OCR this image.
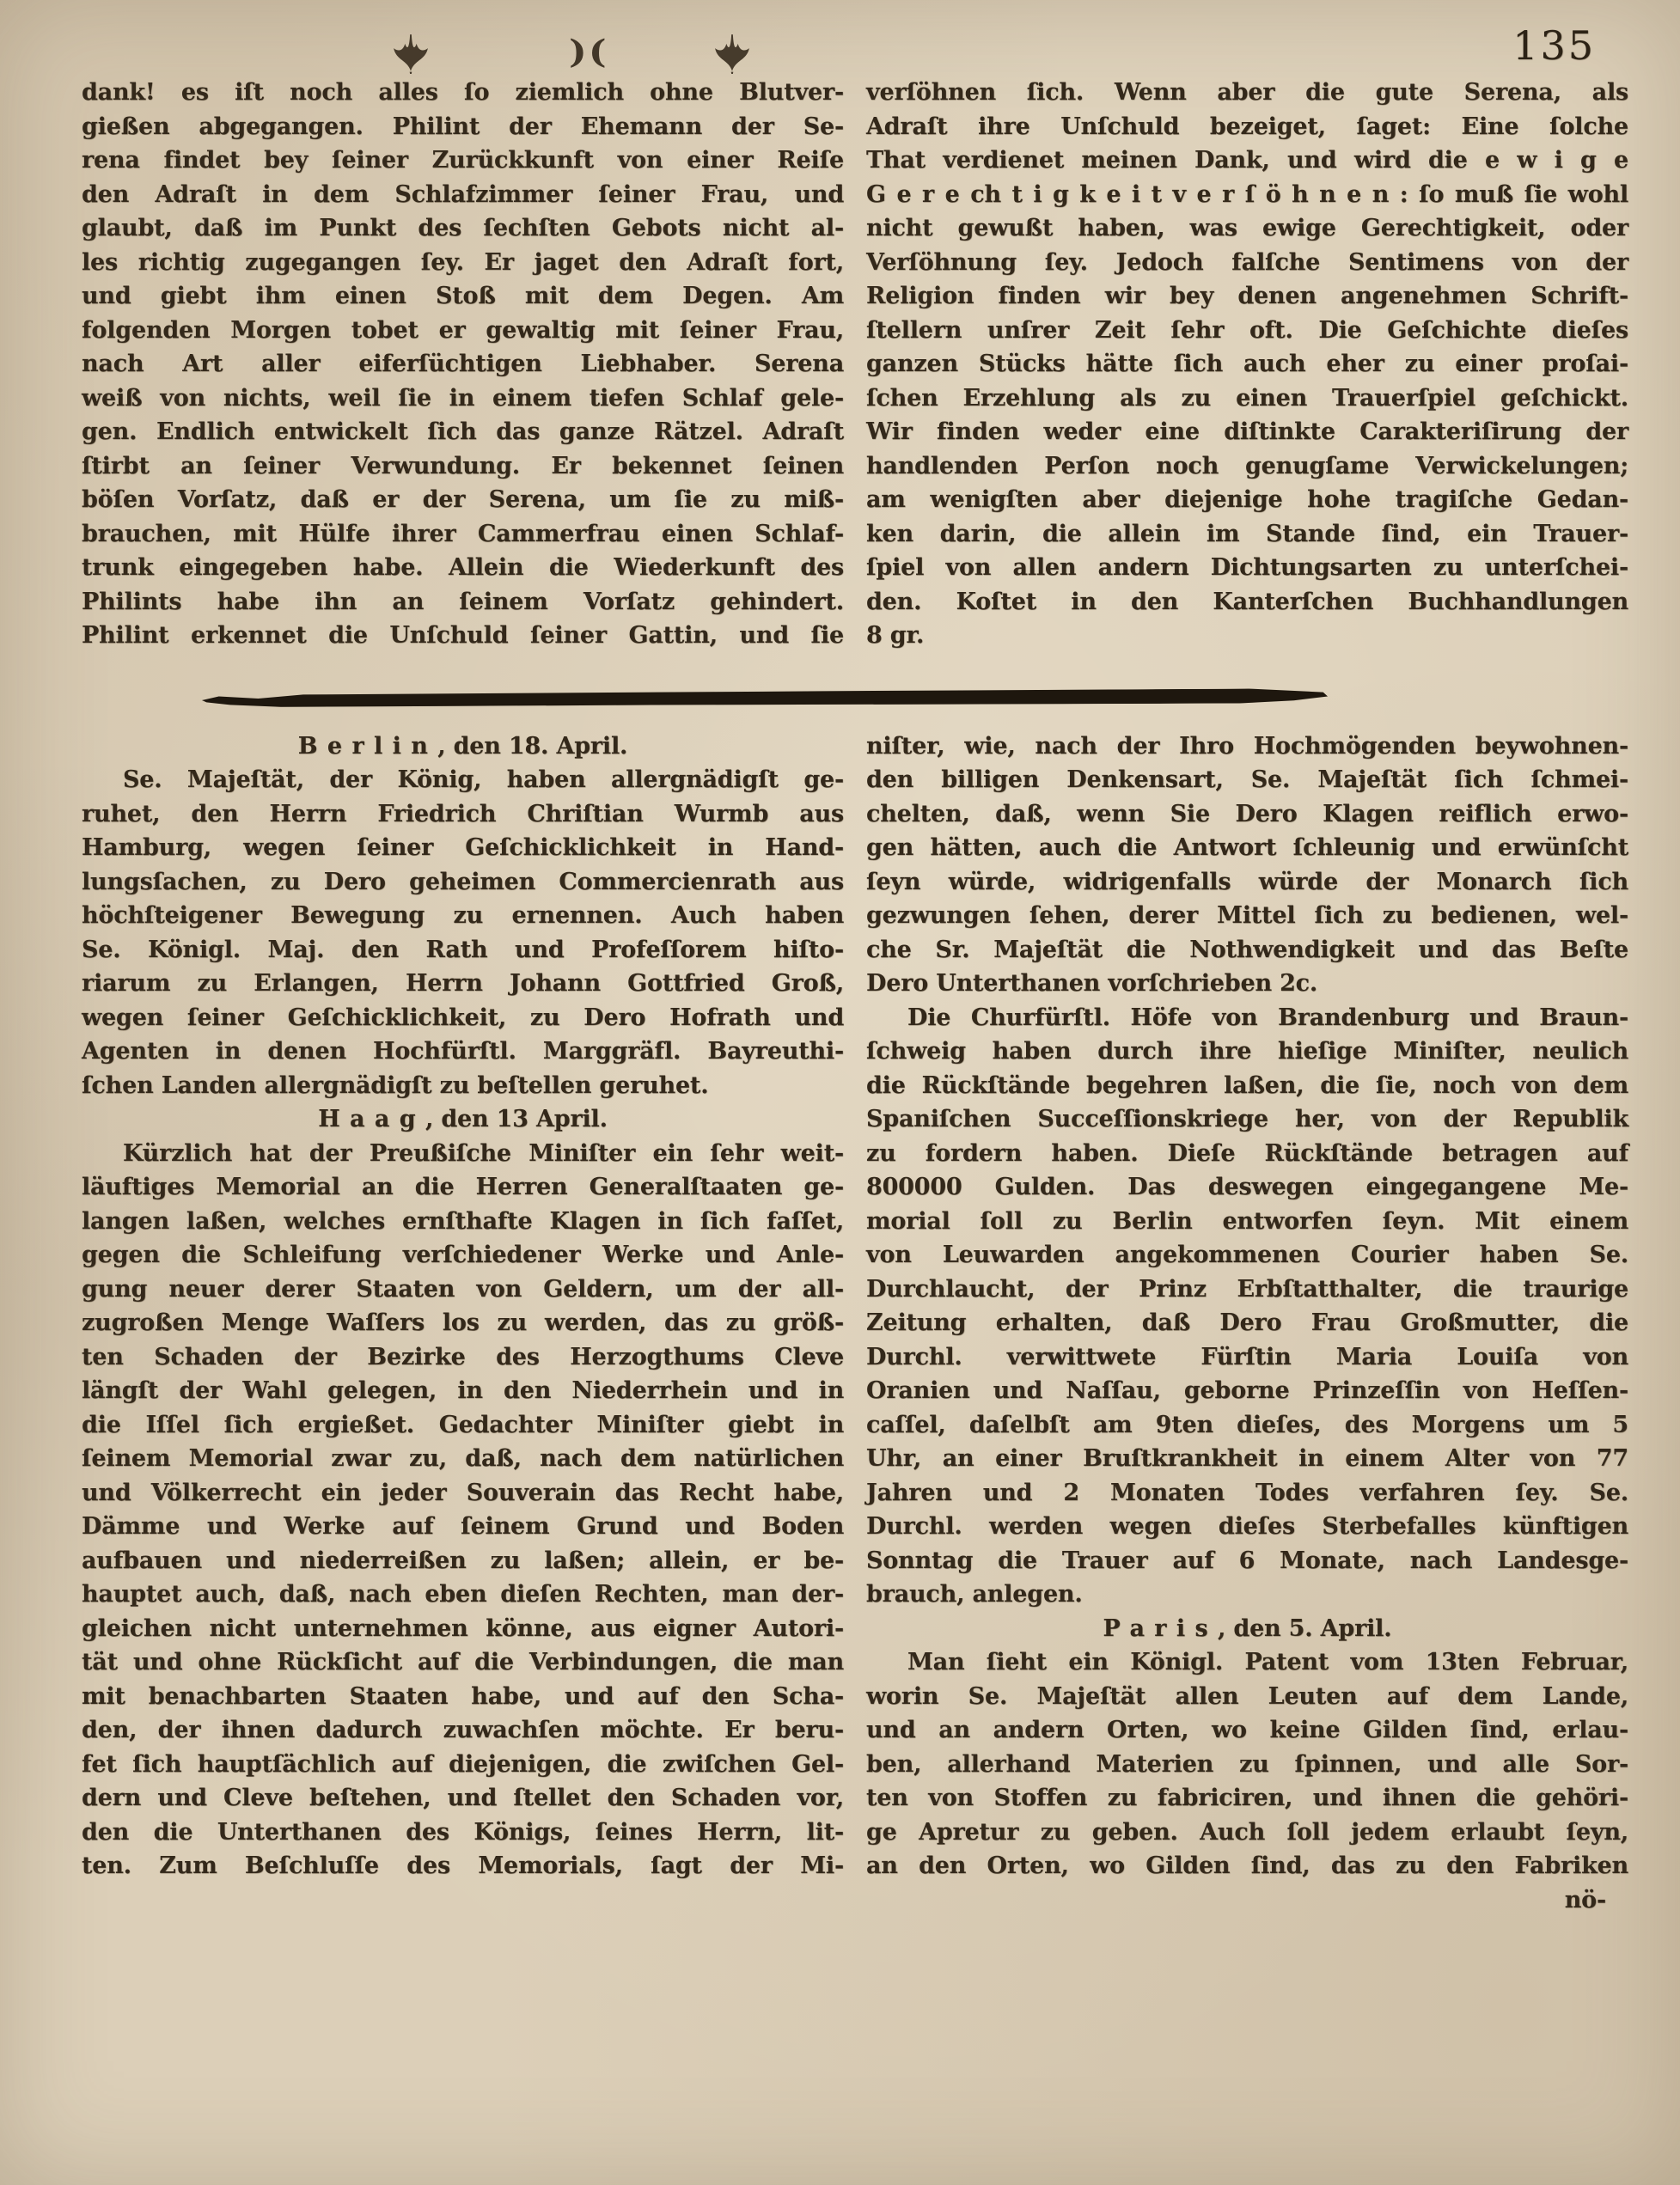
)(	135
dank! es iſt noch alles ſo ziemlich ohne Blutver-
gießen abgegangen. Philint der Ehemann der Se-
rena findet bey ſeiner Zurückkunft von einer Reiſe
den Adraſt in dem Schlafzimmer ſeiner Frau, und
glaubt, daß im Punkt des ſechſten Gebots nicht al-
les richtig zugegangen ſey. Er jaget den Adraſt fort,
und giebt ihm einen Stoß mit dem Degen. Am
folgenden Morgen tobet er gewaltig mit ſeiner Frau,
nach Art aller eiferſüchtigen Liebhaber. Serena
weiß von nichts, weil ſie in einem tiefen Schlaf gele-
gen. Endlich entwickelt ſich das ganze Rätzel. Adraſt
ſtirbt an ſeiner Verwundung. Er bekennet ſeinen
böſen Vorſatz, daß er der Serena, um ſie zu miß-
brauchen, mit Hülfe ihrer Cammerfrau einen Schlaf-
trunk eingegeben habe. Allein die Wiederkunft des
Philints habe ihn an ſeinem Vorſatz gehindert.
Philint erkennet die Unſchuld ſeiner Gattin, und ſie
verſöhnen ſich. Wenn aber die gute Serena, als
Adraſt ihre Unſchuld bezeiget, ſaget: Eine ſolche
That verdienet meinen Dank, und wird die e w i g e
G e r e ch t i g k e i t v e r ſ ö h n e n : ſo muß ſie wohl
nicht gewußt haben, was ewige Gerechtigkeit, oder
Verſöhnung ſey. Jedoch falſche Sentimens von der
Religion finden wir bey denen angenehmen Schrift-
ſtellern unſrer Zeit ſehr oft. Die Geſchichte dieſes
ganzen Stücks hätte ſich auch eher zu einer proſai-
ſchen Erzehlung als zu einen Trauerſpiel geſchickt.
Wir finden weder eine diſtinkte Carakteriſirung der
handlenden Perſon noch genugſame Verwickelungen;
am wenigſten aber diejenige hohe tragiſche Gedan-
ken darin, die allein im Stande ſind, ein Trauer-
ſpiel von allen andern Dichtungsarten zu unterſchei-
den. Koſtet in den Kanterſchen Buchhandlungen
8 gr.
Berlin, den 18. April.
Se. Majeſtät, der König, haben allergnädigſt ge-
ruhet, den Herrn Friedrich Chriſtian Wurmb aus
Hamburg, wegen ſeiner Geſchicklichkeit in Hand-
lungsſachen, zu Dero geheimen Commercienrath aus
höchſteigener Bewegung zu ernennen. Auch haben
Se. Königl. Maj. den Rath und Profeſſorem hiſto-
riarum zu Erlangen, Herrn Johann Gottfried Groß,
wegen ſeiner Geſchicklichkeit, zu Dero Hofrath und
Agenten in denen Hochfürſtl. Marggräfl. Bayreuthi-
ſchen Landen allergnädigſt zu beſtellen geruhet.
Haag, den 13 April.
Kürzlich hat der Preußiſche Miniſter ein ſehr weit-
läuftiges Memorial an die Herren Generalſtaaten ge-
langen laßen, welches ernſthafte Klagen in ſich faſſet,
gegen die Schleifung verſchiedener Werke und Anle-
gung neuer derer Staaten von Geldern, um der all-
zugroßen Menge Waſſers los zu werden, das zu größ-
ten Schaden der Bezirke des Herzogthums Cleve
längſt der Wahl gelegen, in den Niederrhein und in
die Iſſel ſich ergießet. Gedachter Miniſter giebt in
ſeinem Memorial zwar zu, daß, nach dem natürlichen
und Völkerrecht ein jeder Souverain das Recht habe,
Dämme und Werke auf ſeinem Grund und Boden
aufbauen und niederreißen zu laßen; allein, er be-
hauptet auch, daß, nach eben dieſen Rechten, man der-
gleichen nicht unternehmen könne, aus eigner Autori-
tät und ohne Rückſicht auf die Verbindungen, die man
mit benachbarten Staaten habe, und auf den Scha-
den, der ihnen dadurch zuwachſen möchte. Er beru-
fet ſich hauptſächlich auf diejenigen, die zwiſchen Gel-
dern und Cleve beſtehen, und ſtellet den Schaden vor,
den die Unterthanen des Königs, ſeines Herrn, lit-
ten. Zum Beſchluſſe des Memorials, ſagt der Mi-
niſter, wie, nach der Ihro Hochmögenden beywohnen-
den billigen Denkensart, Se. Majeſtät ſich ſchmei-
chelten, daß, wenn Sie Dero Klagen reiflich erwo-
gen hätten, auch die Antwort ſchleunig und erwünſcht
ſeyn würde, widrigenfalls würde der Monarch ſich
gezwungen ſehen, derer Mittel ſich zu bedienen, wel-
che Sr. Majeſtät die Nothwendigkeit und das Beſte
Dero Unterthanen vorſchrieben 2c.
Die Churfürſtl. Höfe von Brandenburg und Braun-
ſchweig haben durch ihre hieſige Miniſter, neulich
die Rückſtände begehren laßen, die ſie, noch von dem
Spaniſchen Succeſſionskriege her, von der Republik
zu fordern haben. Dieſe Rückſtände betragen auf
800000 Gulden. Das deswegen eingegangene Me-
morial ſoll zu Berlin entworfen ſeyn. Mit einem
von Leuwarden angekommenen Courier haben Se.
Durchlaucht, der Prinz Erbſtatthalter, die traurige
Zeitung erhalten, daß Dero Frau Großmutter, die
Durchl. verwittwete Fürſtin Maria Louiſa von
Oranien und Naſſau, geborne Prinzeſſin von Heſſen-
caſſel, daſelbſt am 9ten dieſes, des Morgens um 5
Uhr, an einer Bruſtkrankheit in einem Alter von 77
Jahren und 2 Monaten Todes verfahren ſey. Se.
Durchl. werden wegen dieſes Sterbefalles künftigen
Sonntag die Trauer auf 6 Monate, nach Landesge-
brauch, anlegen.
Paris, den 5. April.
Man ſieht ein Königl. Patent vom 13ten Februar,
worin Se. Majeſtät allen Leuten auf dem Lande,
und an andern Orten, wo keine Gilden ſind, erlau-
ben, allerhand Materien zu ſpinnen, und alle Sor-
ten von Stoffen zu fabriciren, und ihnen die gehöri-
ge Apretur zu geben. Auch ſoll jedem erlaubt ſeyn,
an den Orten, wo Gilden ſind, das zu den Fabriken
nö-
